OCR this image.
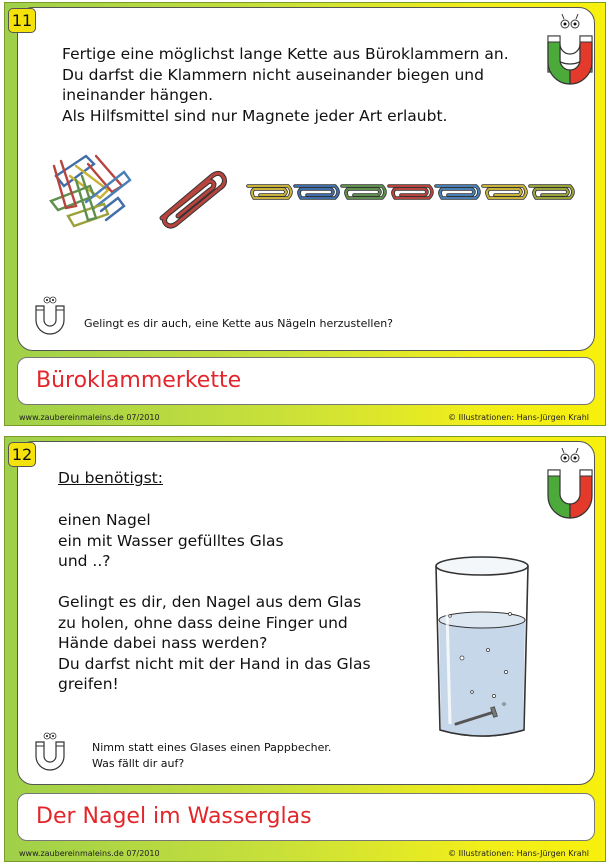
Fertige eine möglichst lange Kette aus Büroklammern an.
Du darfst die Klammern nicht auseinander biegen und
ineinander hängen.
Als Hilfsmittel sind nur Magnete jeder Art erlaubt.
Gelingt es dir auch, eine Kette aus Nägeln herzustellen?
11
Büroklammerkette
www.zaubereinmaleins.de 07/2010	© Illustrationen: Hans-Jürgen Krahl
Du benötigst:
einen Nagel
ein mit Wasser gefülltes Glas
und ..?
Gelingt es dir, den Nagel aus dem Glas
zu holen, ohne dass deine Finger und
Hände dabei nass werden?
Du darfst nicht mit der Hand in das Glas
greifen!
Nimm statt eines Glases einen Pappbecher.
Was fällt dir auf?
12
Der Nagel im Wasserglas
www.zaubereinmaleins.de 07/2010	© Illustrationen: Hans-Jürgen Krahl
